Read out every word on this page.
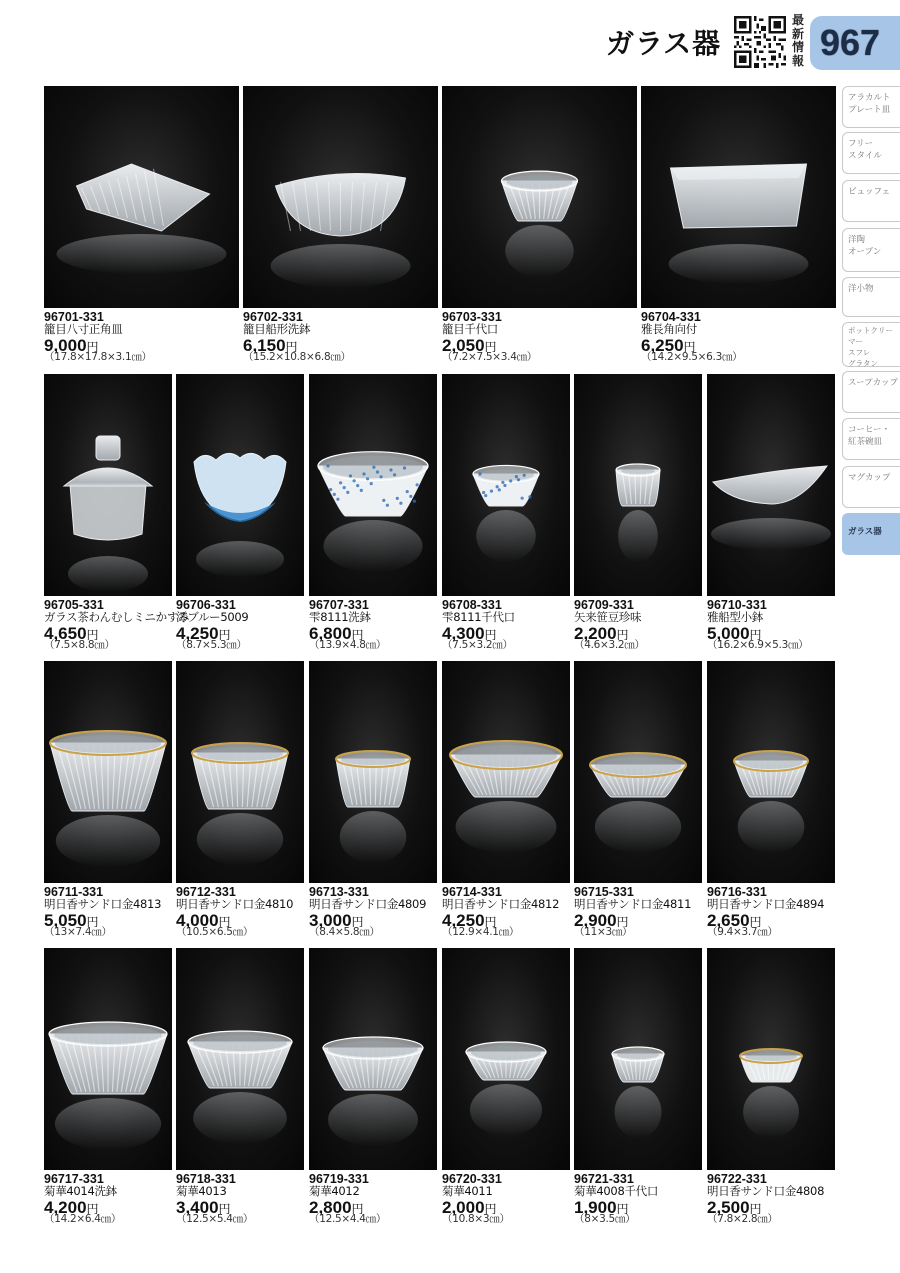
ガラス器
最新情報 967
アラカルト
プレート皿
フリー
スタイル
ビュッフェ
洋陶
オーブン
洋小物
ポットクリーマー
スフレ
グラタン
スープカップ
コーヒー・
紅茶碗皿
マグカップ
ガラス器
96701-331
籠目八寸正角皿
9,000円
（17.8×17.8×3.1㎝）
96702-331
籠目船形洗鉢
6,150円
（15.2×10.8×6.8㎝）
96703-331
籠目千代口
2,050円
（7.2×7.5×3.4㎝）
96704-331
雅長角向付
6,250円
（14.2×9.5×6.3㎝）
96705-331
ガラス茶わんむしミニかすみ
4,650円
（7.5×8.8㎝）
96706-331
澪ブルー5009
4,250円
（8.7×5.3㎝）
96707-331
雫8111洗鉢
6,800円
（13.9×4.8㎝）
96708-331
雫8111千代口
4,300円
（7.5×3.2㎝）
96709-331
矢来笹豆珍味
2,200円
（4.6×3.2㎝）
96710-331
雅船型小鉢
5,000円
（16.2×6.9×5.3㎝）
96711-331
明日香サンド口金4813
5,050円
（13×7.4㎝）
96712-331
明日香サンド口金4810
4,000円
（10.5×6.5㎝）
96713-331
明日香サンド口金4809
3,000円
（8.4×5.8㎝）
96714-331
明日香サンド口金4812
4,250円
（12.9×4.1㎝）
96715-331
明日香サンド口金4811
2,900円
（11×3㎝）
96716-331
明日香サンド口金4894
2,650円
（9.4×3.7㎝）
96717-331
菊華4014洗鉢
4,200円
（14.2×6.4㎝）
96718-331
菊華4013
3,400円
（12.5×5.4㎝）
96719-331
菊華4012
2,800円
（12.5×4.4㎝）
96720-331
菊華4011
2,000円
（10.8×3㎝）
96721-331
菊華4008千代口
1,900円
（8×3.5㎝）
96722-331
明日香サンド口金4808
2,500円
（7.8×2.8㎝）
